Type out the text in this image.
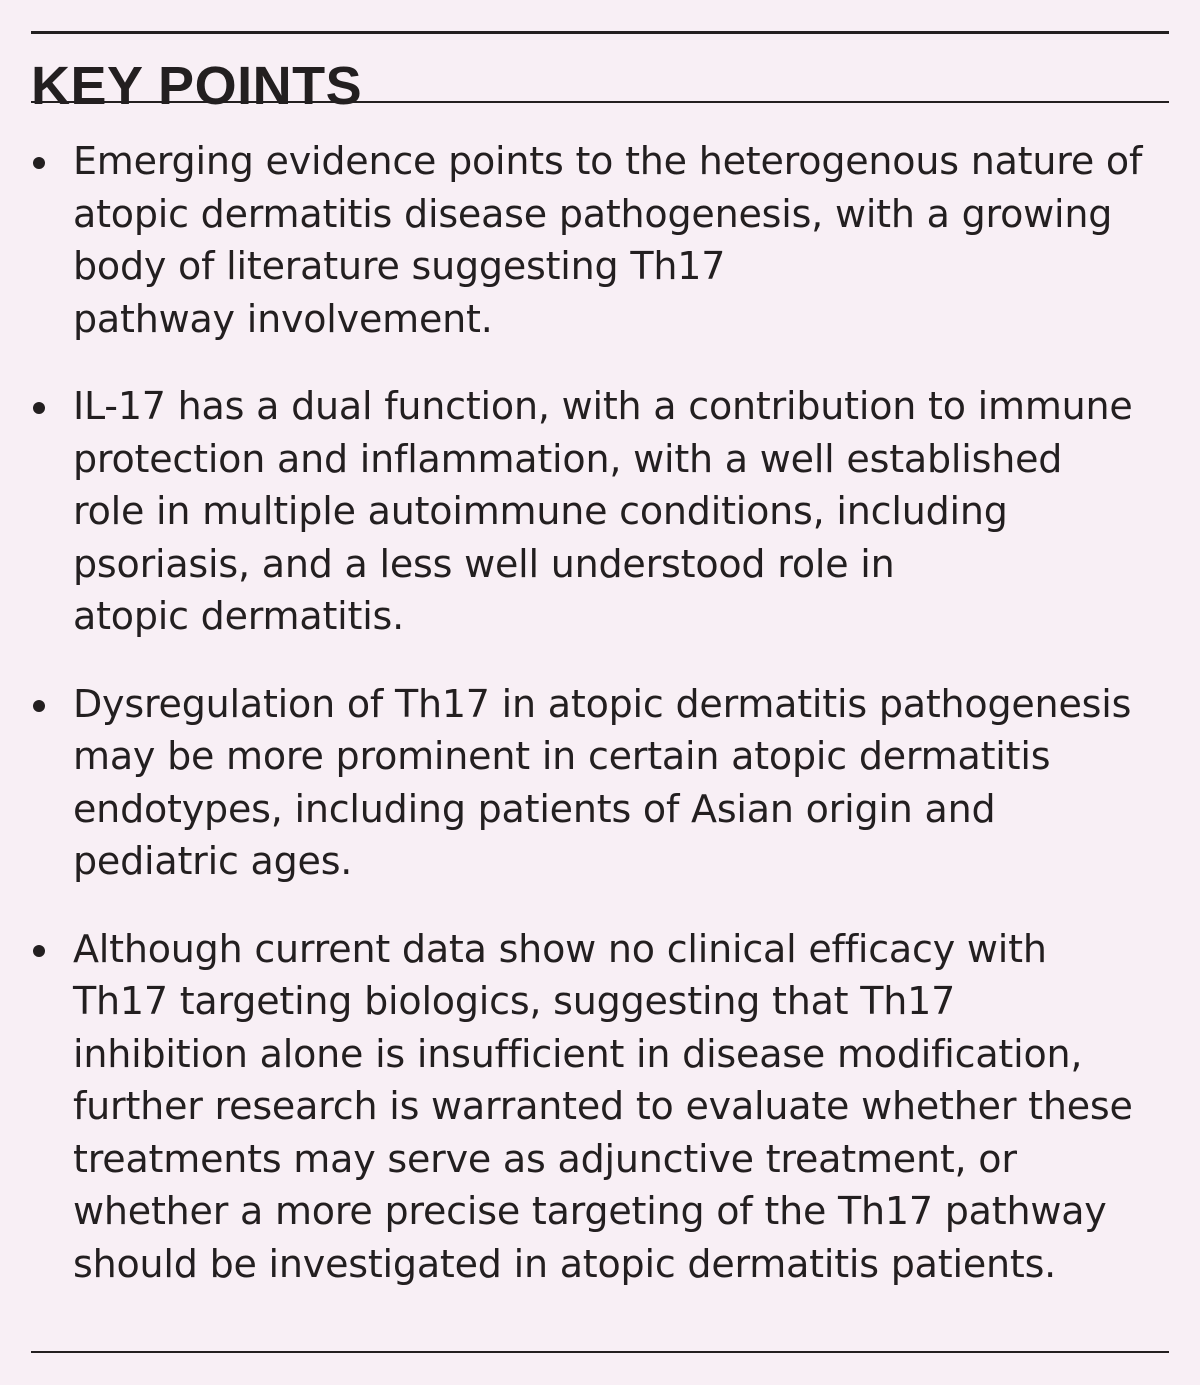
KEY POINTS
Emerging evidence points to the heterogenous nature of
atopic dermatitis disease pathogenesis, with a growing
body of literature suggesting Th17
pathway involvement.
IL-17 has a dual function, with a contribution to immune
protection and inflammation, with a well established
role in multiple autoimmune conditions, including
psoriasis, and a less well understood role in
atopic dermatitis.
Dysregulation of Th17 in atopic dermatitis pathogenesis
may be more prominent in certain atopic dermatitis
endotypes, including patients of Asian origin and
pediatric ages.
Although current data show no clinical efficacy with
Th17 targeting biologics, suggesting that Th17
inhibition alone is insufficient in disease modification,
further research is warranted to evaluate whether these
treatments may serve as adjunctive treatment, or
whether a more precise targeting of the Th17 pathway
should be investigated in atopic dermatitis patients.
